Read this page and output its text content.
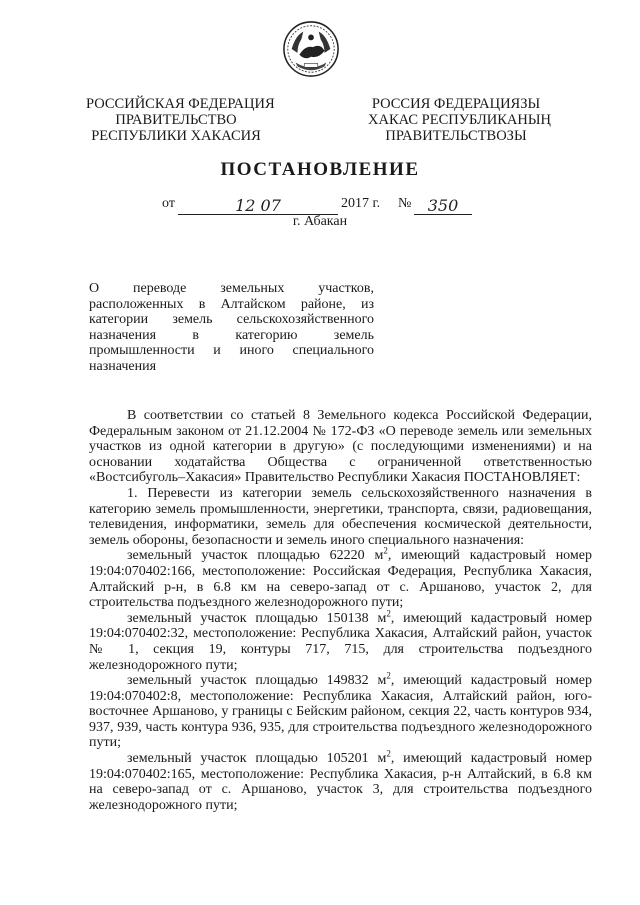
РОССИЙСКАЯ ФЕДЕРАЦИЯ
ПРАВИТЕЛЬСТВО
РЕСПУБЛИКИ ХАКАСИЯ
РОССИЯ ФЕДЕРАЦИЯЗЫ
ХАКАС РЕСПУБЛИКАНЫҢ
ПРАВИТЕЛЬСТВОЗЫ
ПОСТАНОВЛЕНИЕ
от	12 07	2017 г. №	350
г. Абакан
О переводе земельных участков,
расположенных в Алтайском районе, из
категории земель сельскохозяйственного
назначения в категорию земель
промышленности и иного специального
назначения

В соответствии со статьей 8 Земельного кодекса Российской Федерации, Федеральным законом от 21.12.2004 № 172-ФЗ «О переводе земель или земельных участков из одной категории в другую» (с последующими изменениями) и на основании ходатайства Общества с ограниченной ответственностью «Востсибуголь–Хакасия» Правительство Республики Хакасия ПОСТАНОВЛЯЕТ:

1. Перевести из категории земель сельскохозяйственного назначения в категорию земель промышленности, энергетики, транспорта, связи, радиовещания, телевидения, информатики, земель для обеспечения космической деятельности, земель обороны, безопасности и земель иного специального назначения:

земельный участок площадью 62220 $м^2$, имеющий кадастровый номер 19:04:070402:166, местоположение: Российская Федерация, Республика Хакасия, Алтайский р-н, в 6.8 км на северо-запад от с. Аршаново, участок 2, для строительства подъездного железнодорожного пути;

земельный участок площадью 150138 $м^2$, имеющий кадастровый номер 19:04:070402:32, местоположение: Республика Хакасия, Алтайский район, участок № 1, секция 19, контуры 717, 715, для строительства подъездного железнодорожного пути;

земельный участок площадью 149832 $м^2$, имеющий кадастровый номер 19:04:070402:8, местоположение: Республика Хакасия, Алтайский район, юго-восточнее Аршаново, у границы с Бейским районом, секция 22, часть контуров 934, 937, 939, часть контура 936, 935, для строительства подъездного железнодорожного пути;

земельный участок площадью 105201 $м^2$, имеющий кадастровый номер 19:04:070402:165, местоположение: Республика Хакасия, р-н Алтайский, в 6.8 км на северо-запад от с. Аршаново, участок 3, для строительства подъездного железнодорожного пути;
